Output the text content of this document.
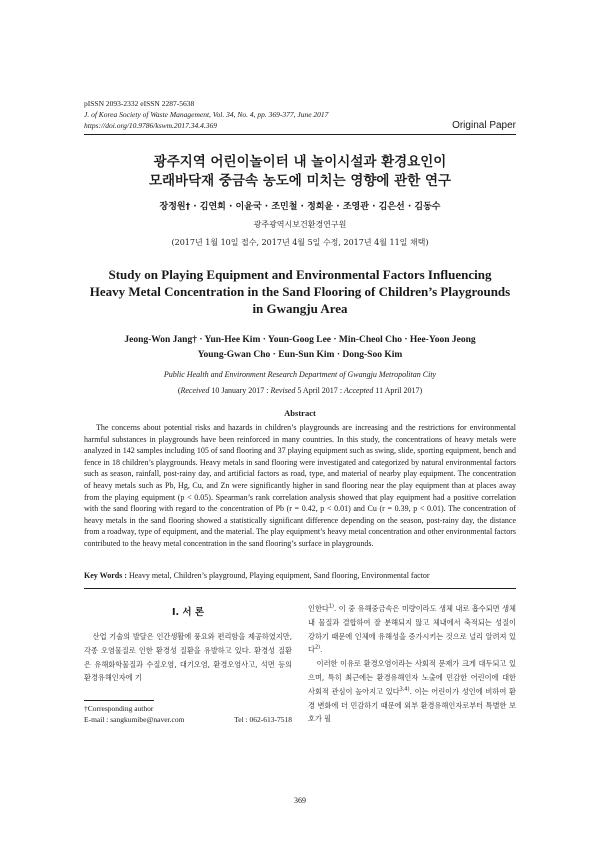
pISSN 2093-2332 eISSN 2287-5638
J. of Korea Society of Waste Management, Vol. 34, No. 4, pp. 369-377, June 2017
https://doi.org/10.9786/kswm.2017.34.4.369	Original Paper
광주지역 어린이놀이터 내 놀이시설과 환경요인이
모래바닥재 중금속 농도에 미치는 영향에 관한 연구
장정원† · 김연희 · 이윤국 · 조민철 · 정희윤 · 조영관 · 김은선 · 김동수
광주광역시보건환경연구원
(2017년 1월 10일 접수, 2017년 4월 5일 수정, 2017년 4월 11일 채택)
Study on Playing Equipment and Environmental Factors Influencing
Heavy Metal Concentration in the Sand Flooring of Children’s Playgrounds
in Gwangju Area
Jeong-Won Jang† · Yun-Hee Kim · Youn-Goog Lee · Min-Cheol Cho · Hee-Yoon Jeong
Young-Gwan Cho · Eun-Sun Kim · Dong-Soo Kim
Public Health and Environment Research Department of Gwangju Metropolitan City
(Received 10 January 2017 : Revised 5 April 2017 : Accepted 11 April 2017)
Abstract
The concerns about potential risks and hazards in children’s playgrounds are increasing and the restrictions for environmental harmful substances in playgrounds have been reinforced in many countries. In this study, the concentrations of heavy metals were analyzed in 142 samples including 105 of sand flooring and 37 playing equipment such as swing, slide, sporting equipment, bench and fence in 18 children’s playgrounds. Heavy metals in sand flooring were investigated and categorized by natural environmental factors such as season, rainfall, post-rainy day, and artificial factors as road, type, and material of nearby play equipment. The concentration of heavy metals such as Pb, Hg, Cu, and Zn were significantly higher in sand flooring near the play equipment than at places away from the playing equipment (p < 0.05). Spearman’s rank correlation analysis showed that play equipment had a positive correlation with the sand flooring with regard to the concentration of Pb (r = 0.42, p < 0.01) and Cu (r = 0.39, p < 0.01). The concentration of heavy metals in the sand flooring showed a statistically significant difference depending on the season, post-rainy day, the distance from a roadway, type of equipment, and the material. The play equipment’s heavy metal concentration and other environmental factors contributed to the heavy metal concentration in the sand flooring’s surface in playgrounds.
Key Words : Heavy metal, Children’s playground, Playing equipment, Sand flooring, Environmental factor
I. 서 론

산업 기술의 발달은 인간생활에 풍요와 편리함을 제공하였지만, 각종 오염물질로 인한 환경성 질환을 유발하고 있다. 환경성 질환은 유해화학물질과 수질오염, 대기오염, 환경오염사고, 석면 등의 환경유해인자에 기

인한다$^{1)}$. 이 중 유해중금속은 미량이라도 생체 내로 흡수되면 생체 내 물질과 결합하여 잘 분해되지 않고 체내에서 축적되는 성질이 강하기 때문에 인체에 유해성을 증가시키는 것으로 널리 알려져 있다$^{2)}$.

이러한 이유로 환경오염이라는 사회적 문제가 크게 대두되고 있으며, 특히 최근에는 환경유해인자 노출에 민감한 어린이에 대한 사회적 관심이 높아지고 있다$^{3,4)}$. 이는 어린이가 성인에 비하여 환경 변화에 더 민감하기 때문에 외부 환경유해인자로부터 특별한 보호가 필

†Corresponding author
E-mail : sangkumibe@naver.com	Tel : 062-613-7518
369
